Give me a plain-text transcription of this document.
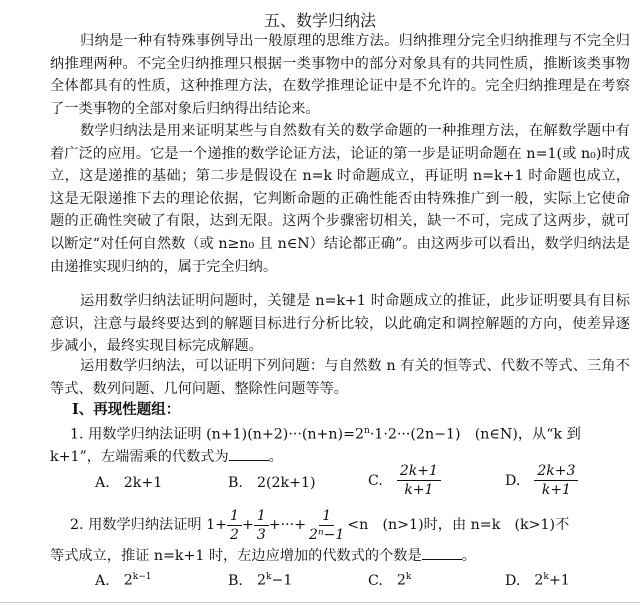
五、数学归纳法

归纳是一种有特殊事例导出一般原理的思维方法。归纳推理分完全归纳推理与不完全归纳推理两种。不完全归纳推理只根据一类事物中的部分对象具有的共同性质，推断该类事物全体都具有的性质，这种推理方法，在数学推理论证中是不允许的。完全归纳推理是在考察了一类事物的全部对象后归纳得出结论来。

数学归纳法是用来证明某些与自然数有关的数学命题的一种推理方法，在解数学题中有着广泛的应用。它是一个递推的数学论证方法，论证的第一步是证明命题在 n=1(或 n₀)时成立，这是递推的基础；第二步是假设在 n=k 时命题成立，再证明 n=k+1 时命题也成立，这是无限递推下去的理论依据，它判断命题的正确性能否由特殊推广到一般，实际上它使命题的正确性突破了有限，达到无限。这两个步骤密切相关，缺一不可，完成了这两步，就可以断定“对任何自然数（或 n≥n₀ 且 n∈N）结论都正确”。由这两步可以看出，数学归纳法是由递推实现归纳的，属于完全归纳。

运用数学归纳法证明问题时，关键是 n=k+1 时命题成立的推证，此步证明要具有目标意识，注意与最终要达到的解题目标进行分析比较，以此确定和调控解题的方向，使差异逐步减小，最终实现目标完成解题。

运用数学归纳法，可以证明下列问题：与自然数 n 有关的恒等式、代数不等式、三角不等式、数列问题、几何问题、整除性问题等等。

Ⅰ、再现性题组：
1. 用数学归纳法证明 $(n+1)(n+2)\cdot\cdot\cdot(n+n)=2^n\cdot 1\cdot 2\cdot\cdot\cdot(2n-1)$　(n∈N)，从“k 到 k+1”，左端需乘的代数式为	。
A. 2k+1	B. 2(2k+1)	C. $\frac{2k+1}{k+1}$	D. $\frac{2k+3}{k+1}$
2. 用数学归纳法证明 $1+ \frac{1}{2} + \frac{1}{3}$ +···+ $\frac{1}{\text{2ⁿ−1}} <n$　(n>1)时，由 n=k　(k>1)不
等式成立，推证 n=k+1 时，左边应增加的代数式的个数是	。
A. $2^{k-1}$	B. $2^k-1$	C. 2$^k$	D. $2^k+1$
